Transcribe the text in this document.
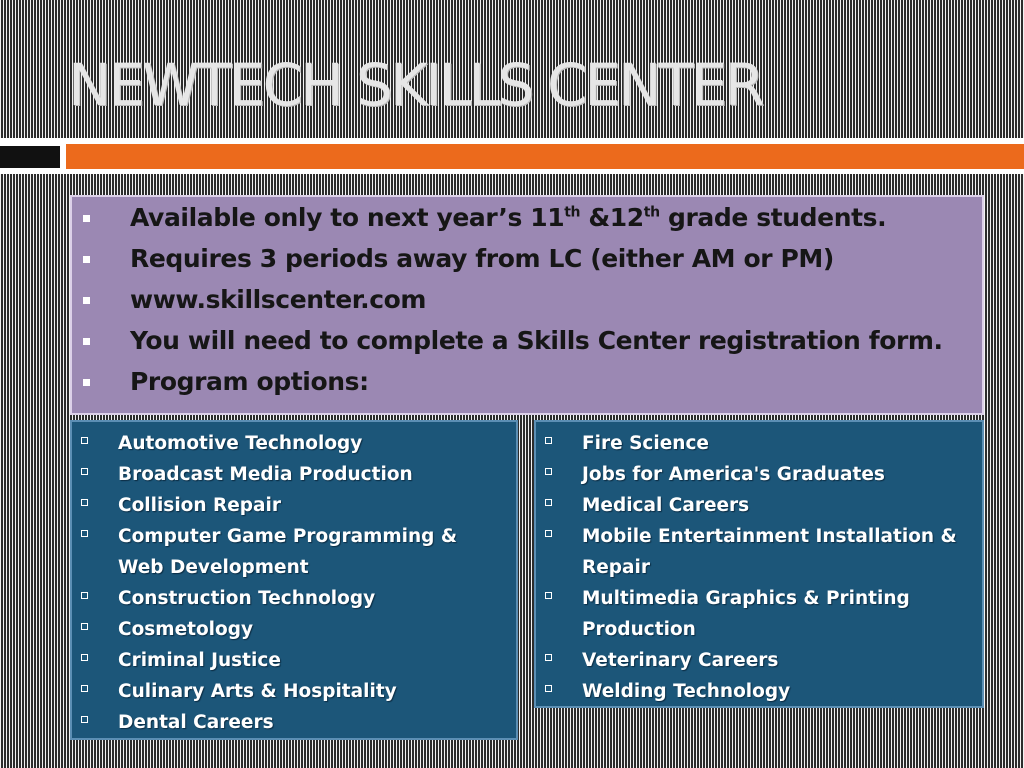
NEWTECH SKILLS CENTER
Available only to next year’s 11th &12th grade students.
Requires 3 periods away from LC (either AM or PM)
www.skillscenter.com
You will need to complete a Skills Center registration form.
Program options:
Automotive Technology
Broadcast Media Production
Collision Repair
Computer Game Programming & Web Development
Construction Technology
Cosmetology
Criminal Justice
Culinary Arts & Hospitality
Dental Careers
Fire Science
Jobs for America's Graduates
Medical Careers
Mobile Entertainment Installation & Repair
Multimedia Graphics & Printing Production
Veterinary Careers
Welding Technology
